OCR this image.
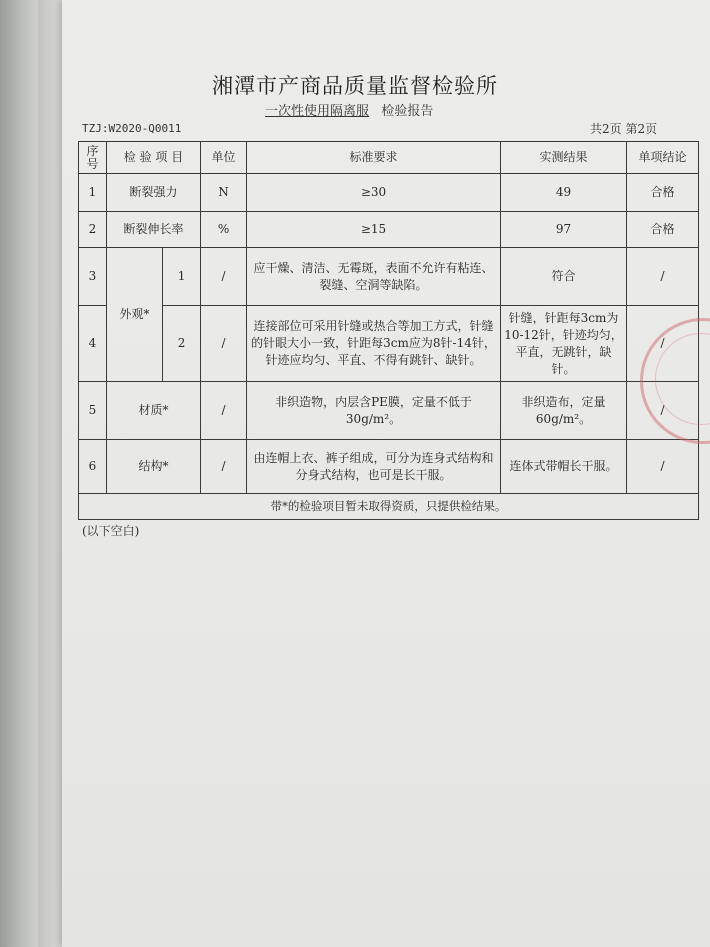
湘潭市产商品质量监督检验所
一次性使用隔离服 检验报告
TZJ:W2020-Q0011	共2页 第2页
序号	检 验 项 目		单位	标准要求	实测结果	单项结论
1	断裂强力		N	≥30	49	合格
2	断裂伸长率		%	≥15	97	合格
3	外观*	1	/	应干燥、清洁、无霉斑，表面不允许有粘连、裂缝、空洞等缺陷。	符合	/
4		2	/	连接部位可采用针缝或热合等加工方式，针缝的针眼大小一致，针距每3cm应为8针-14针，针迹应均匀、平直、不得有跳针、缺针。	针缝，针距每3cm为10-12针，针迹均匀，平直，无跳针，缺针。	/
5	材质*		/	非织造物，内层含PE膜，定量不低于30g/m²。	非织造布，定量60g/m²。	/
6	结构*		/	由连帽上衣、裤子组成，可分为连身式结构和分身式结构，也可是长干服。	连体式带帽长干服。	/
带*的检验项目暂未取得资质，只提供检结果。						
(以下空白)
